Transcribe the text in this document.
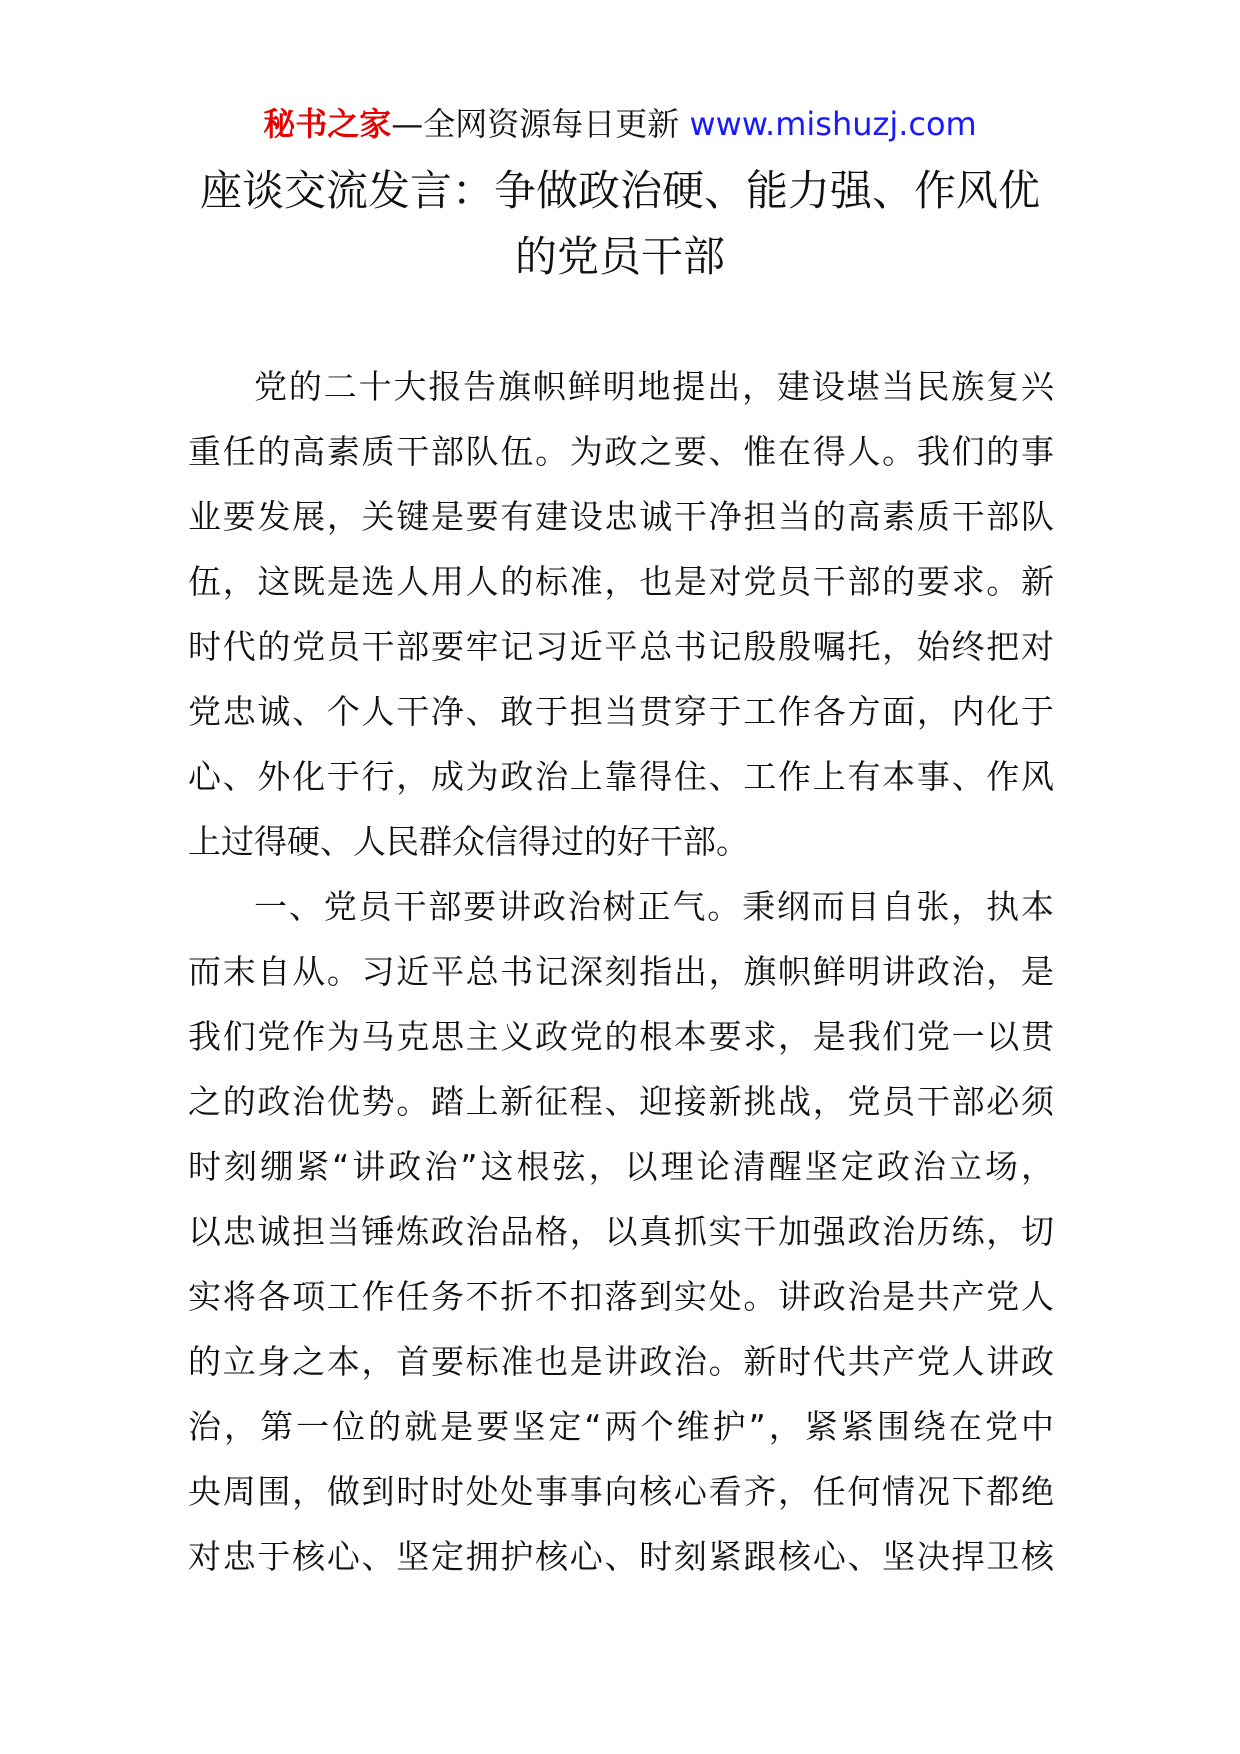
秘书之家—全网资源每日更新 www.mishuzj.com
座谈交流发言：争做政治硬、能力强、作风优
的党员干部
党的二十大报告旗帜鲜明地提出，建设堪当民族复兴
重任的高素质干部队伍。为政之要、惟在得人。我们的事
业要发展，关键是要有建设忠诚干净担当的高素质干部队
伍，这既是选人用人的标准，也是对党员干部的要求。新
时代的党员干部要牢记习近平总书记殷殷嘱托，始终把对
党忠诚、个人干净、敢于担当贯穿于工作各方面，内化于
心、外化于行，成为政治上靠得住、工作上有本事、作风
上过得硬、人民群众信得过的好干部。
一、党员干部要讲政治树正气。秉纲而目自张，执本
而末自从。习近平总书记深刻指出，旗帜鲜明讲政治，是
我们党作为马克思主义政党的根本要求，是我们党一以贯
之的政治优势。踏上新征程、迎接新挑战，党员干部必须
时刻绷紧“讲政治”这根弦，以理论清醒坚定政治立场，
以忠诚担当锤炼政治品格，以真抓实干加强政治历练，切
实将各项工作任务不折不扣落到实处。讲政治是共产党人
的立身之本，首要标准也是讲政治。新时代共产党人讲政
治，第一位的就是要坚定“两个维护”，紧紧围绕在党中
央周围，做到时时处处事事向核心看齐，任何情况下都绝
对忠于核心、坚定拥护核心、时刻紧跟核心、坚决捍卫核
